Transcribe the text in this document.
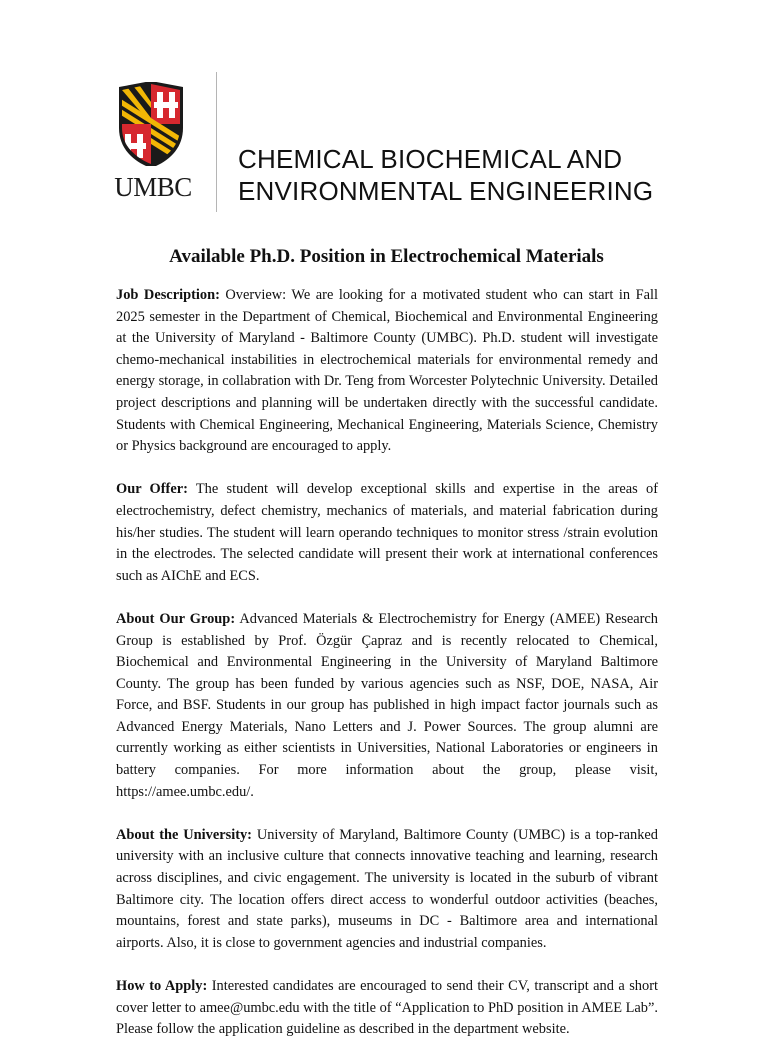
UMBC
CHEMICAL BIOCHEMICAL AND
ENVIRONMENTAL ENGINEERING
Available Ph.D. Position in Electrochemical Materials

Job Description: Overview: We are looking for a motivated student who can start in Fall 2025 semester in the Department of Chemical, Biochemical and Environmental Engineering at the University of Maryland - Baltimore County (UMBC). Ph.D. student will investigate chemo-mechanical instabilities in electrochemical materials for environmental remedy and energy storage, in collabration with Dr. Teng from Worcester Polytechnic University. Detailed project descriptions and planning will be undertaken directly with the successful candidate. Students with Chemical Engineering, Mechanical Engineering, Materials Science, Chemistry or Physics background are encouraged to apply.

Our Offer: The student will develop exceptional skills and expertise in the areas of electrochemistry, defect chemistry, mechanics of materials, and material fabrication during his/her studies. The student will learn operando techniques to monitor stress /strain evolution in the electrodes. The selected candidate will present their work at international conferences such as AIChE and ECS.

About Our Group: Advanced Materials & Electrochemistry for Energy (AMEE) Research Group is established by Prof. Özgür Çapraz and is recently relocated to Chemical, Biochemical and Environmental Engineering in the University of Maryland Baltimore County. The group has been funded by various agencies such as NSF, DOE, NASA, Air Force, and BSF. Students in our group has published in high impact factor journals such as Advanced Energy Materials, Nano Letters and J. Power Sources. The group alumni are currently working as either scientists in Universities, National Laboratories or engineers in battery companies. For more information about the group, please visit, https://amee.umbc.edu/.

About the University: University of Maryland, Baltimore County (UMBC) is a top-ranked university with an inclusive culture that connects innovative teaching and learning, research across disciplines, and civic engagement. The university is located in the suburb of vibrant Baltimore city. The location offers direct access to wonderful outdoor activities (beaches, mountains, forest and state parks), museums in DC - Baltimore area and international airports. Also, it is close to government agencies and industrial companies.

How to Apply: Interested candidates are encouraged to send their CV, transcript and a short cover letter to amee@umbc.edu with the title of “Application to PhD position in AMEE Lab”. Please follow the application guideline as described in the department website.
